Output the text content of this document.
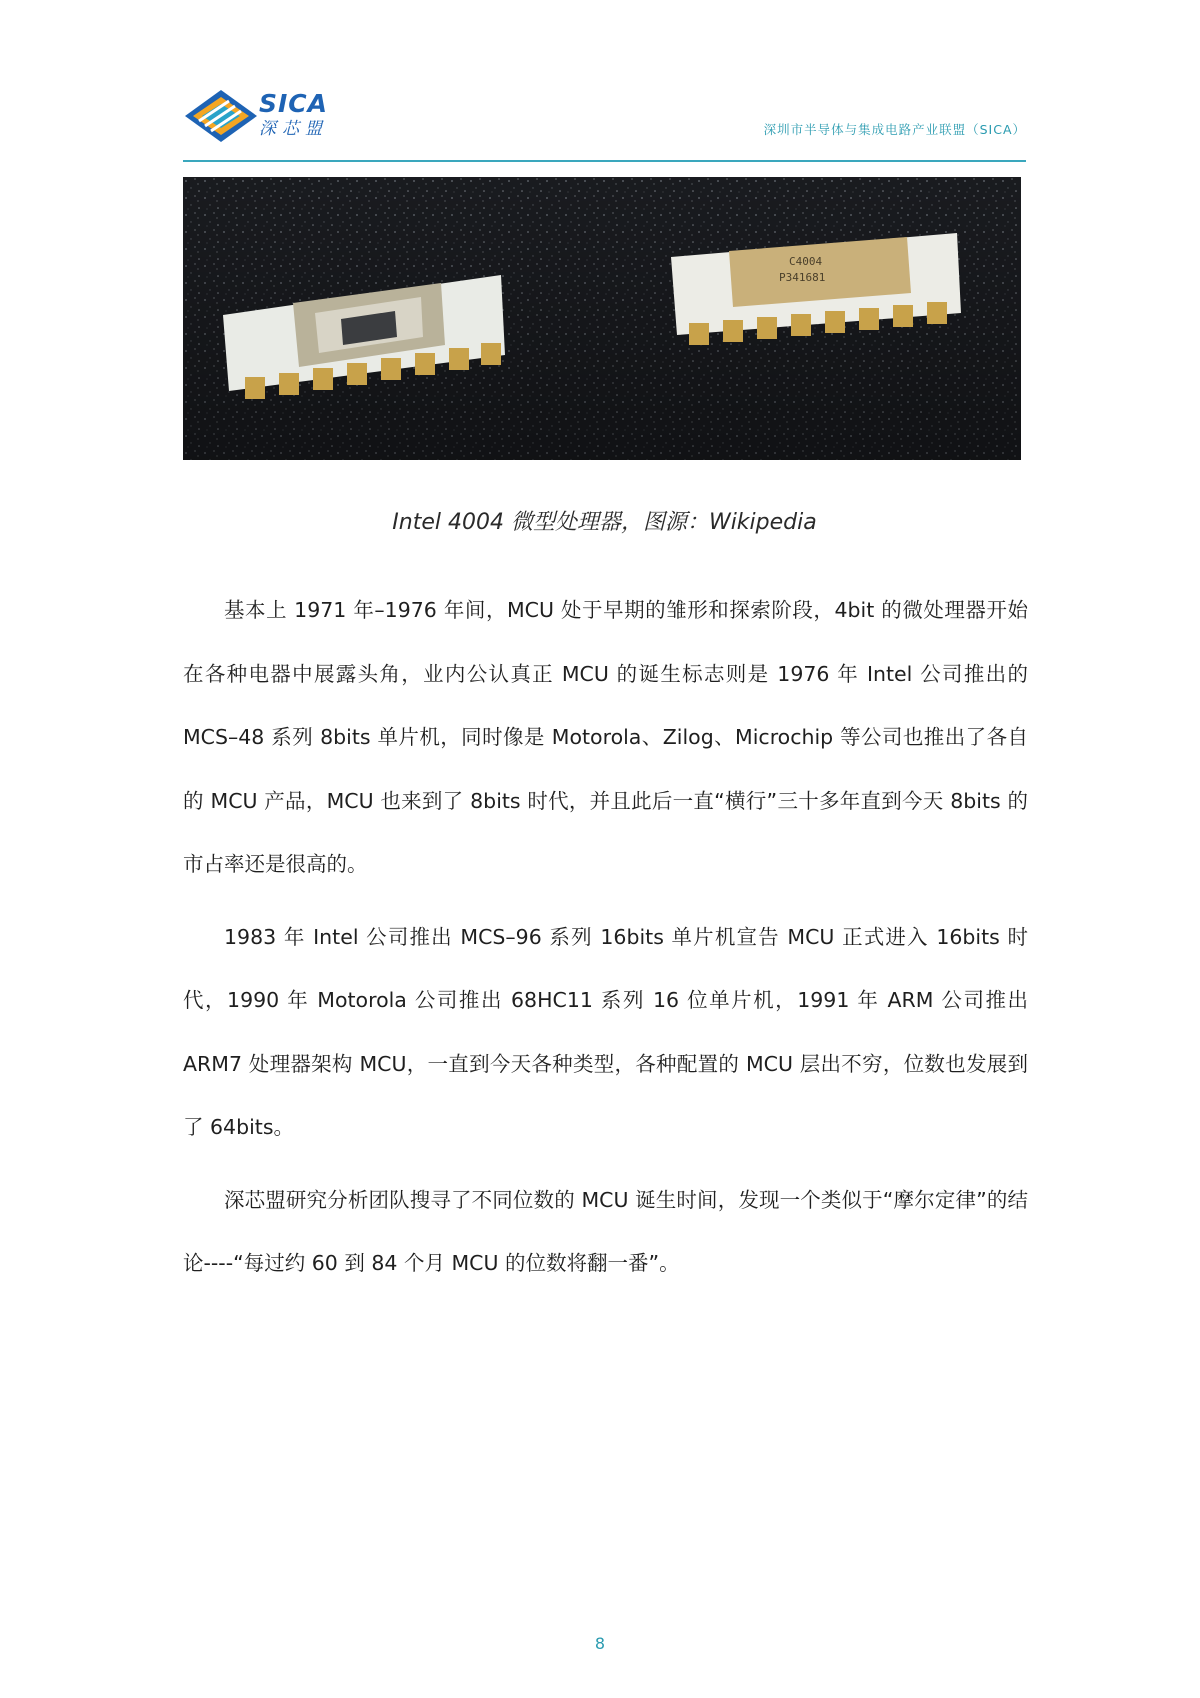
SICA
深芯盟	深圳市半导体与集成电路产业联盟（SICA）
C4004
P341681
Intel 4004 微型处理器，图源：Wikipedia

基本上 1971 年–1976 年间，MCU 处于早期的雏形和探索阶段，4bit 的微处理器开始在各种电器中展露头角，业内公认真正 MCU 的诞生标志则是 1976 年 Intel 公司推出的 MCS–48 系列 8bits 单片机，同时像是 Motorola、Zilog、Microchip 等公司也推出了各自的 MCU 产品，MCU 也来到了 8bits 时代，并且此后一直“横行”三十多年直到今天 8bits 的市占率还是很高的。

1983 年 Intel 公司推出 MCS–96 系列 16bits 单片机宣告 MCU 正式进入 16bits 时代，1990 年 Motorola 公司推出 68HC11 系列 16 位单片机，1991 年 ARM 公司推出 ARM7 处理器架构 MCU，一直到今天各种类型，各种配置的 MCU 层出不穷，位数也发展到了 64bits。

深芯盟研究分析团队搜寻了不同位数的 MCU 诞生时间，发现一个类似于“摩尔定律”的结论----“每过约 60 到 84 个月 MCU 的位数将翻一番”。

8
